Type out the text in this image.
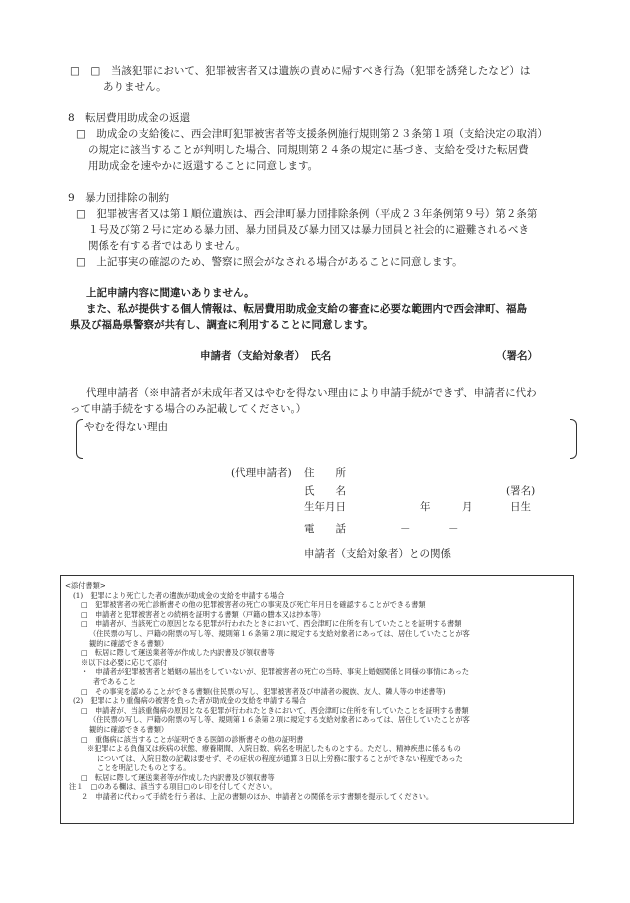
□　□　当該犯罪において、犯罪被害者又は遺族の責めに帰すべき行為（犯罪を誘発したなど）は
ありません。
8　転居費用助成金の返還
□　助成金の支給後に、西会津町犯罪被害者等支援条例施行規則第２３条第１項（支給決定の取消）
の規定に該当することが判明した場合、同規則第２４条の規定に基づき、支給を受けた転居費
用助成金を速やかに返還することに同意します。
9　暴力団排除の制約
□　犯罪被害者又は第１順位遺族は、西会津町暴力団排除条例（平成２３年条例第９号）第２条第
１号及び第２号に定める暴力団、暴力団員及び暴力団又は暴力団員と社会的に避難されるべき
関係を有する者ではありません。
□　上記事実の確認のため、警察に照会がなされる場合があることに同意します。
上記申請内容に間違いありません。
また、私が提供する個人情報は、転居費用助成金支給の審査に必要な範囲内で西会津町、福島
県及び福島県警察が共有し、調査に利用することに同意します。
申請者（支給対象者）　氏名	（署名）
代理申請者（※申請者が未成年者又はやむを得ない理由により申請手続ができず、申請者に代わ
って申請手続をする場合のみ記載してください。）
やむを得ない理由
(代理申請者) 住　　所
氏　　名	(署名)
生年月日	年	月	日生
電　　話	－	－
申請者（支給対象者）との関係
<添付書類>
(1)　犯罪により死亡した者の遺族が助成金の支給を申請する場合
□　犯罪被害者の死亡診断書その他の犯罪被害者の死亡の事実及び死亡年月日を確認することができる書類
□　申請者と犯罪被害者との続柄を証明する書類（戸籍の謄本又は抄本等）
□　申請者が、当該死亡の原因となる犯罪が行われたときにおいて、西会津町に住所を有していたことを証明する書類
（住民票の写し、戸籍の附票の写し等、規則第１６条第２項に規定する支給対象者にあっては、居住していたことが客
観的に確認できる書類）
□　転居に際して運送業者等が作成した内訳書及び領収書等
※以下は必要に応じて添付
・　申請者が犯罪被害者と婚姻の届出をしていないが、犯罪被害者の死亡の当時、事実上婚姻関係と同様の事情にあった
者であること
□　その事実を認めることができる書類(住民票の写し、犯罪被害者及び申請者の親族、友人、隣人等の申述書等)
(2)　犯罪により重傷病の被害を負った者が助成金の支給を申請する場合
□　申請者が、当該重傷病の原因となる犯罪が行われたときにおいて、西会津町に住所を有していたことを証明する書類
（住民票の写し、戸籍の附票の写し等、規則第１６条第２項に規定する支給対象者にあっては、居住していたことが客
観的に確認できる書類）
□　重傷病に該当することが証明できる医師の診断書その他の証明書
※犯罪による負傷又は疾病の状態、療養期間、入院日数、病名を明記したものとする。ただし、精神疾患に係るもの
については、入院日数の記載は要せず、その症状の程度が通算３日以上労務に服することができない程度であった
ことを明記したものとする。
□　転居に際して運送業者等が作成した内訳書及び領収書等
注１　□のある欄は、該当する項目□のレ印を付してください。
２　申請者に代わって手続を行う者は、上記の書類のほか、申請者との関係を示す書類を提示してください。
